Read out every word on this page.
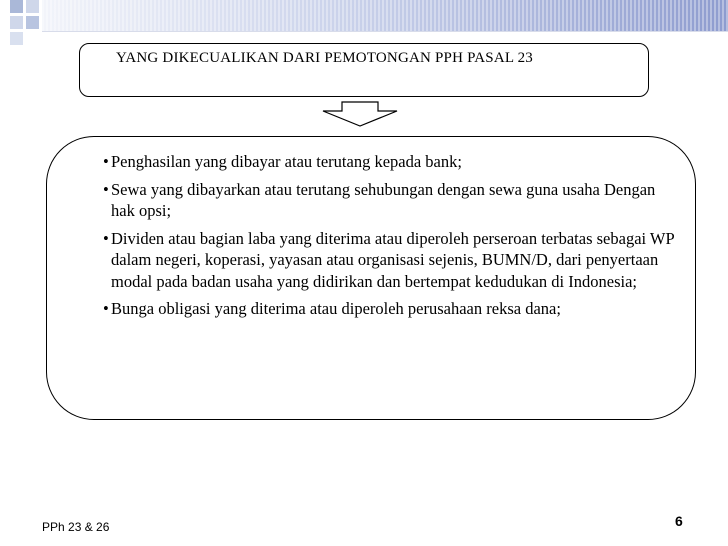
YANG DIKECUALIKAN DARI PEMOTONGAN PPH PASAL 23
• Penghasilan yang dibayar atau terutang kepada bank;
• Sewa yang dibayarkan atau terutang sehubungan dengan sewa guna usaha Dengan hak opsi;
• Dividen atau bagian laba yang diterima atau diperoleh perseroan terbatas sebagai WP dalam negeri, koperasi, yayasan atau organisasi sejenis, BUMN/D, dari penyertaan modal pada badan usaha yang didirikan dan bertempat kedudukan di Indonesia;
• Bunga obligasi yang diterima atau diperoleh perusahaan reksa dana;
PPh 23 & 26	6
